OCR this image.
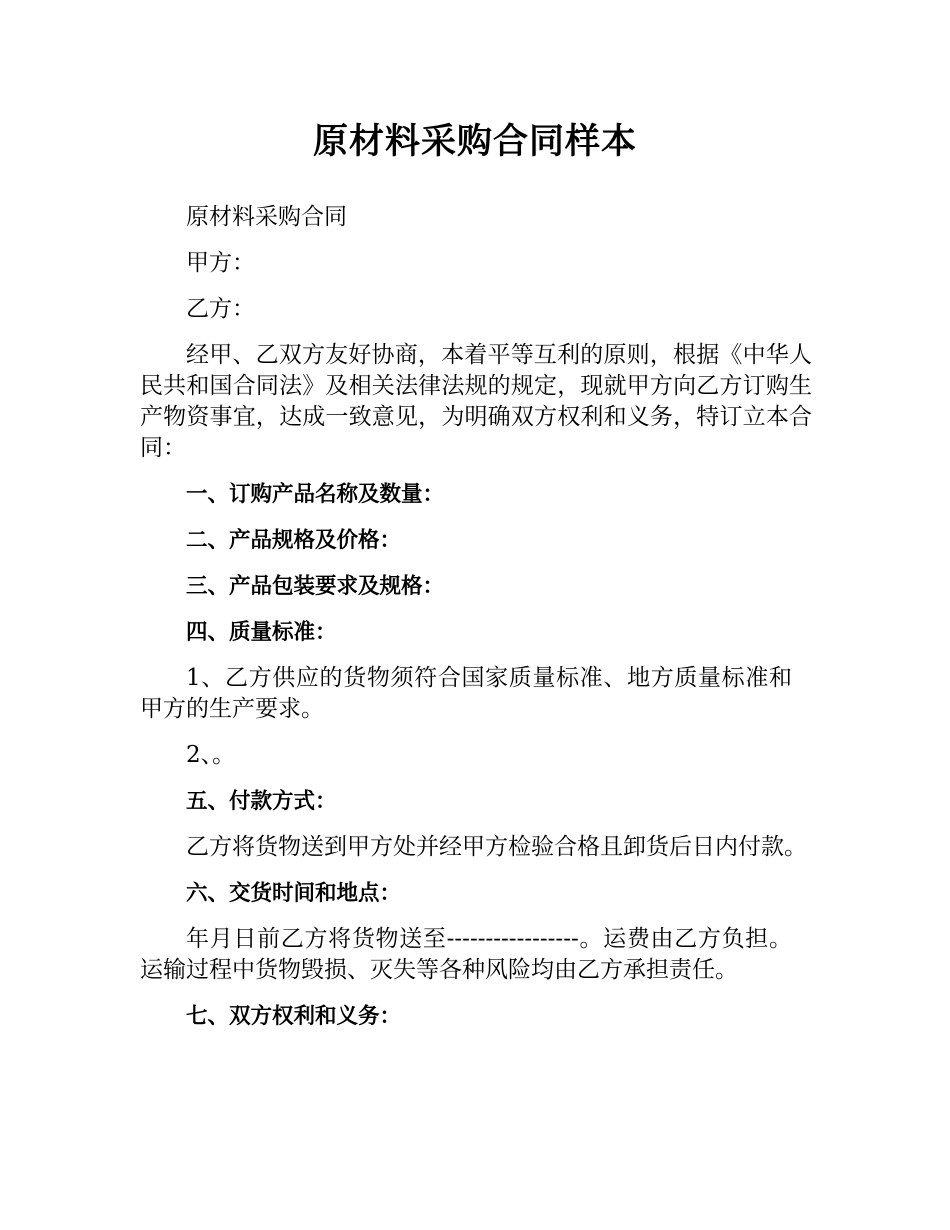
原材料采购合同样本

原材料采购合同

甲方：

乙方：

经甲、乙双方友好协商，本着平等互利的原则，根据《中华人民共和国合同法》及相关法律法规的规定，现就甲方向乙方订购生产物资事宜，达成一致意见，为明确双方权利和义务，特订立本合同：

一、订购产品名称及数量：

二、产品规格及价格：

三、产品包装要求及规格：

四、质量标准：

1、乙方供应的货物须符合国家质量标准、地方质量标准和甲方的生产要求。

2、。

五、付款方式：

乙方将货物送到甲方处并经甲方检验合格且卸货后日内付款。

六、交货时间和地点：

年月日前乙方将货物送至-----------------。运费由乙方负担。运输过程中货物毁损、灭失等各种风险均由乙方承担责任。

七、双方权利和义务：
